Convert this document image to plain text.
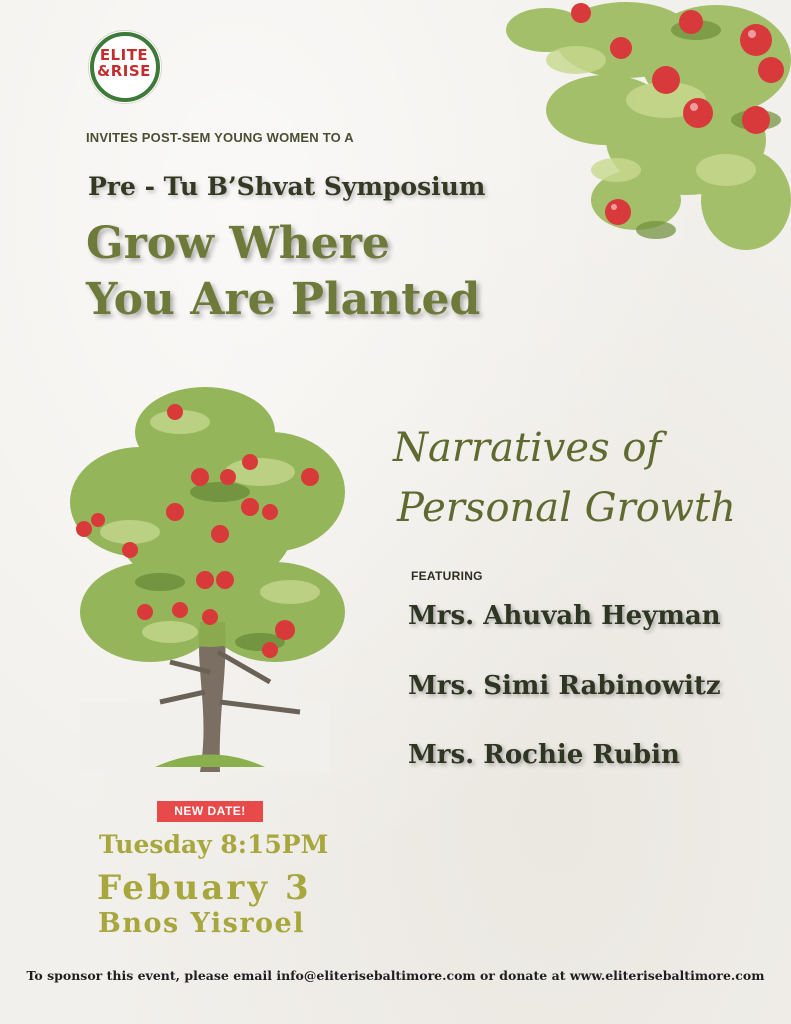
ELITE
&RISE
INVITES POST-SEM YOUNG WOMEN TO A
Pre - Tu B’Shvat Symposium
Grow Where
You Are Planted
Narratives of
Personal Growth
FEATURING
Mrs. Ahuvah Heyman
Mrs. Simi Rabinowitz
Mrs. Rochie Rubin
NEW DATE!
Tuesday 8:15PM
Febuary 3
Bnos Yisroel
To sponsor this event, please email info@eliterisebaltimore.com or donate at www.eliterisebaltimore.com
